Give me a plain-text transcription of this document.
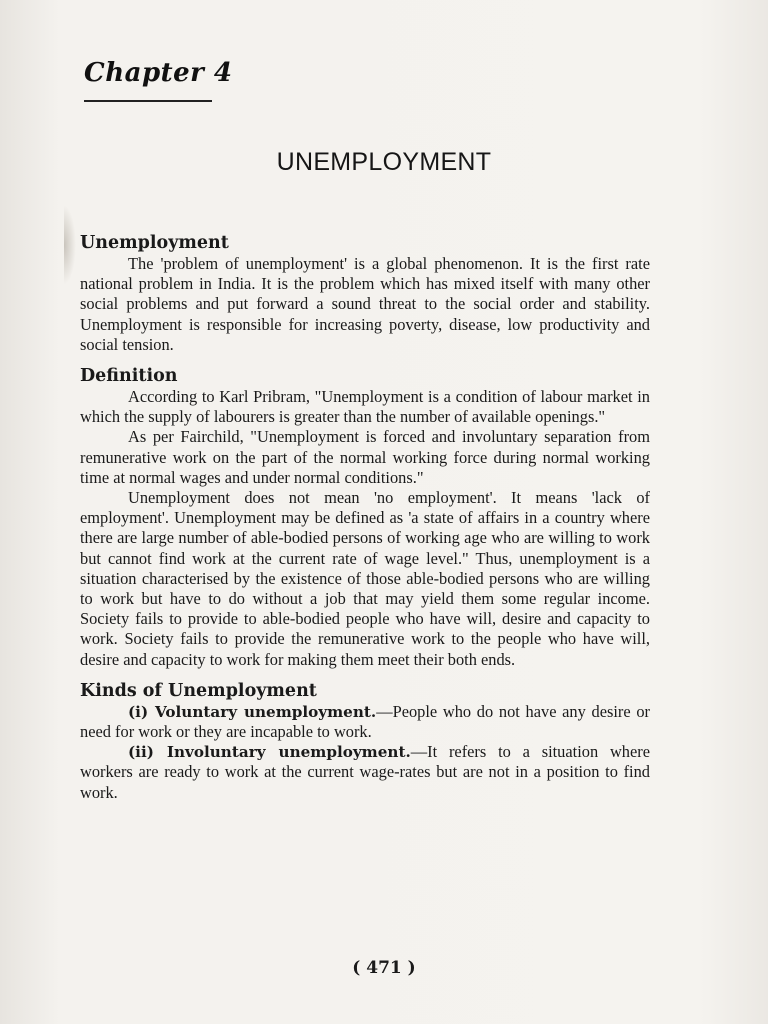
Chapter 4
UNEMPLOYMENT
Unemployment

The 'problem of unemployment' is a global phenomenon. It is the first rate national problem in India. It is the problem which has mixed itself with many other social problems and put forward a sound threat to the social order and stability. Unemployment is responsible for increasing poverty, disease, low productivity and social tension.

Definition

According to Karl Pribram, "Unemployment is a condition of labour market in which the supply of labourers is greater than the number of available openings."

As per Fairchild, "Unemployment is forced and involuntary separation from remunerative work on the part of the normal working force during normal working time at normal wages and under normal conditions."

Unemployment does not mean 'no employment'. It means 'lack of employment'. Unemployment may be defined as 'a state of affairs in a country where there are large number of able-bodied persons of working age who are willing to work but cannot find work at the current rate of wage level." Thus, unemployment is a situation characterised by the existence of those able-bodied persons who are willing to work but have to do without a job that may yield them some regular income. Society fails to provide to able-bodied people who have will, desire and capacity to work. Society fails to provide the remunerative work to the people who have will, desire and capacity to work for making them meet their both ends.

Kinds of Unemployment

(i) Voluntary unemployment.—People who do not have any desire or need for work or they are incapable to work.

(ii) Involuntary unemployment.—It refers to a situation where workers are ready to work at the current wage-rates but are not in a position to find work.

( 471 )
